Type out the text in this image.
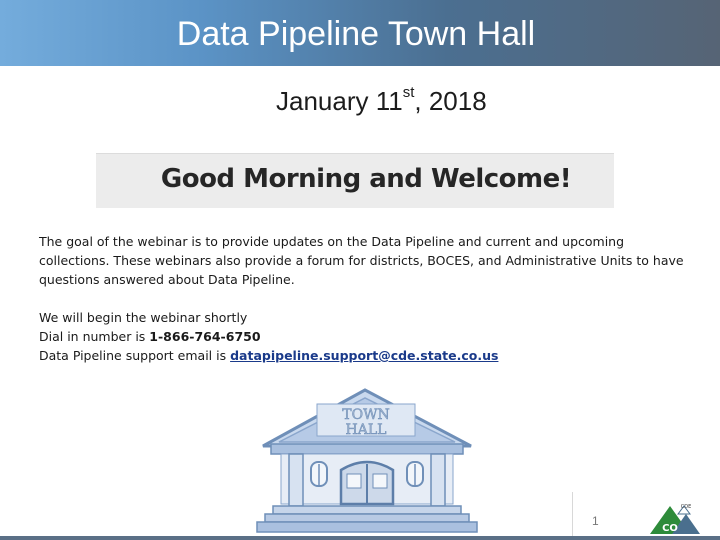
Data Pipeline Town Hall
January 11st, 2018
Good Morning and Welcome!

The goal of the webinar is to provide updates on the Data Pipeline and current and upcoming collections. These webinars also provide a forum for districts, BOCES, and Administrative Units to have questions answered about Data Pipeline.

We will begin the webinar shortly

Dial in number is 1-866-764-6750

Data Pipeline support email is datapipeline.support@cde.state.co.us

TOWN
HALL
1
CDE
CO
